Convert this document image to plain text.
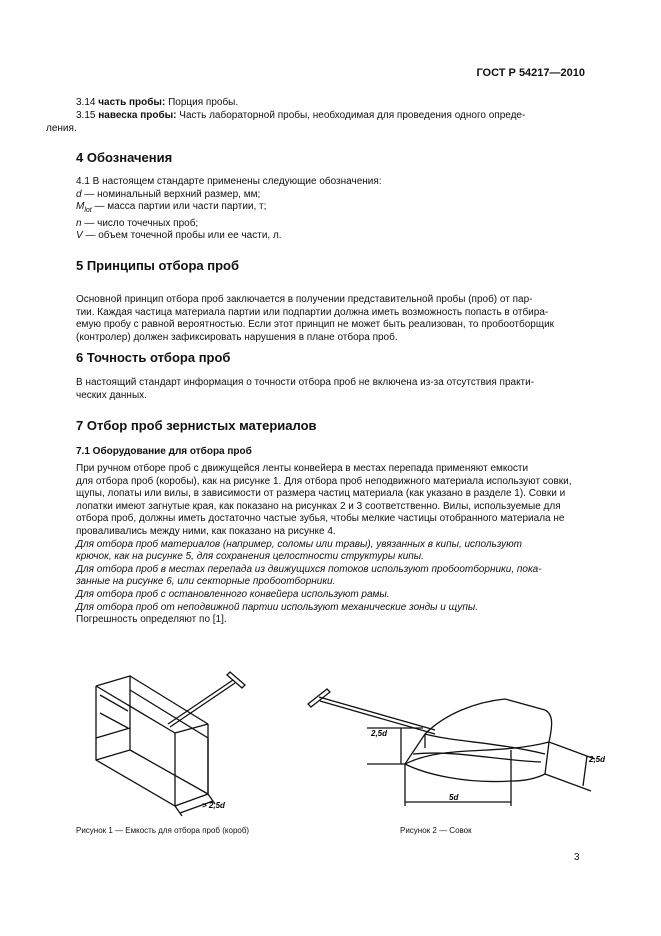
ГОСТ Р 54217—2010
3.14 часть пробы: Порция пробы.
3.15 навеска пробы: Часть лабораторной пробы, необходимая для проведения одного опреде-
ления.
4 Обозначения
4.1 В настоящем стандарте применены следующие обозначения:
d — номинальный верхний размер, мм;
$M_{lot}$ — масса партии или части партии, т;
n — число точечных проб;
V — объем точечной пробы или ее части, л.
5 Принципы отбора проб
Основной принцип отбора проб заключается в получении представительной пробы (проб) от пар-
тии. Каждая частица материала партии или подпартии должна иметь возможность попасть в отбира-
емую пробу с равной вероятностью. Если этот принцип не может быть реализован, то пробоотборщик
(контролер) должен зафиксировать нарушения в плане отбора проб.
6 Точность отбора проб
В настоящий стандарт информация о точности отбора проб не включена из-за отсутствия практи-
ческих данных.
7 Отбор проб зернистых материалов
7.1 Оборудование для отбора проб
При ручном отборе проб с движущейся ленты конвейера в местах перепада применяют емкости
для отбора проб (коробы), как на рисунке 1. Для отбора проб неподвижного материала используют совки,
щупы, лопаты или вилы, в зависимости от размера частиц материала (как указано в разделе 1). Совки и
лопатки имеют загнутые края, как показано на рисунках 2 и 3 соответственно. Вилы, используемые для
отбора проб, должны иметь достаточно частые зубья, чтобы мелкие частицы отобранного материала не
проваливались между ними, как показано на рисунке 4.
Для отбора проб материалов (например, соломы или травы), увязанных в кипы, используют
крючок, как на рисунке 5, для сохранения целостности структуры кипы.
Для отбора проб в местах перепада из движущихся потоков используют пробоотборники, пока-
занные на рисунке 6, или секторные пробоотборники.
Для отбора проб с остановленного конвейера используют рамы.
Для отбора проб от неподвижной партии используют механические зонды и щупы.
Погрешность определяют по [1].
> 2,5d
2,5d
2,5d
5d
Рисунок 1 — Емкость для отбора проб (короб)	Рисунок 2 — Совок
3
